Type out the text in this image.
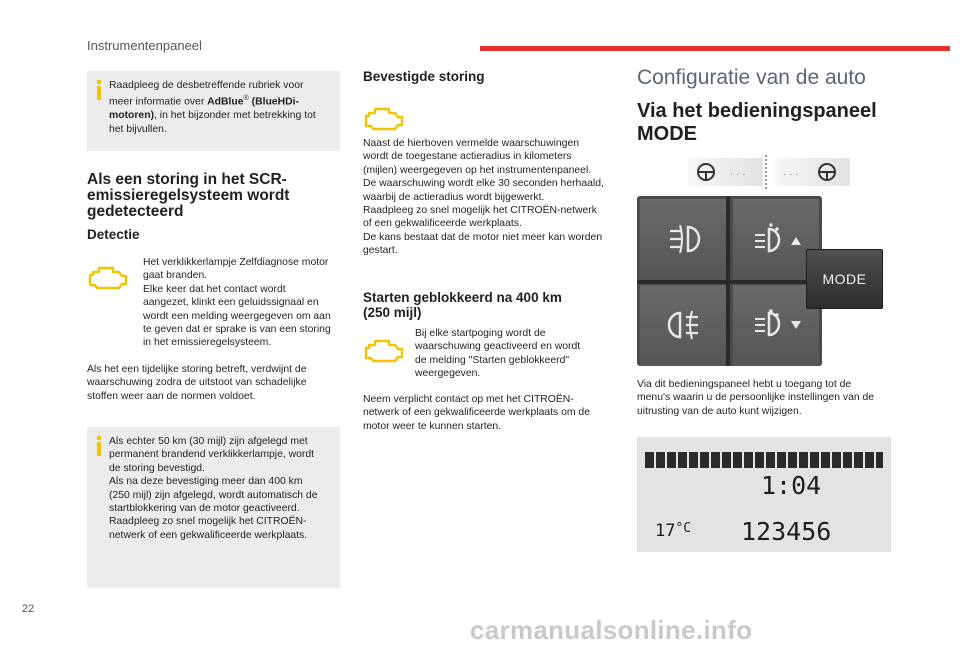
Instrumentenpaneel
Raadpleeg de desbetreffende rubriek voor
meer informatie over AdBlue® (BlueHDi-
motoren), in het bijzonder met betrekking tot
het bijvullen.
Als een storing in het SCR-
emissieregelsysteem wordt
gedetecteerd
Detectie
Het verklikkerlampje Zelfdiagnose motor
gaat branden.
Elke keer dat het contact wordt
aangezet, klinkt een geluidssignaal en
wordt een melding weergegeven om aan
te geven dat er sprake is van een storing
in het emissieregelsysteem.
Als het een tijdelijke storing betreft, verdwijnt de
waarschuwing zodra de uitstoot van schadelijke
stoffen weer aan de normen voldoet.
Als echter 50 km (30 mijl) zijn afgelegd met
permanent brandend verklikkerlampje, wordt
de storing bevestigd.
Als na deze bevestiging meer dan 400 km
(250 mijl) zijn afgelegd, wordt automatisch de
startblokkering van de motor geactiveerd.
Raadpleeg zo snel mogelijk het CITROËN-
netwerk of een gekwalificeerde werkplaats.
Bevestigde storing
Naast de hierboven vermelde waarschuwingen
wordt de toegestane actieradius in kilometers
(mijlen) weergegeven op het instrumentenpaneel.
De waarschuwing wordt elke 30 seconden herhaald,
waarbij de actieradius wordt bijgewerkt.
Raadpleeg zo snel mogelijk het CITROËN-netwerk
of een gekwalificeerde werkplaats.
De kans bestaat dat de motor niet meer kan worden
gestart.
Starten geblokkeerd na 400 km
(250 mijl)
Bij elke startpoging wordt de
waarschuwing geactiveerd en wordt
de melding "Starten geblokkeerd"
weergegeven.
Neem verplicht contact op met het CITROËN-
netwerk of een gekwalificeerde werkplaats om de
motor weer te kunnen starten.
Configuratie van de auto
Via het bedieningspaneel
MODE
· · ·	· · ·
MODE
Via dit bedieningspaneel hebt u toegang tot de
menu's waarin u de persoonlijke instellingen van de
uitrusting van de auto kunt wijzigen.
1:04
$17^{^\circ C}$ 123456
22
carmanualsonline.info
